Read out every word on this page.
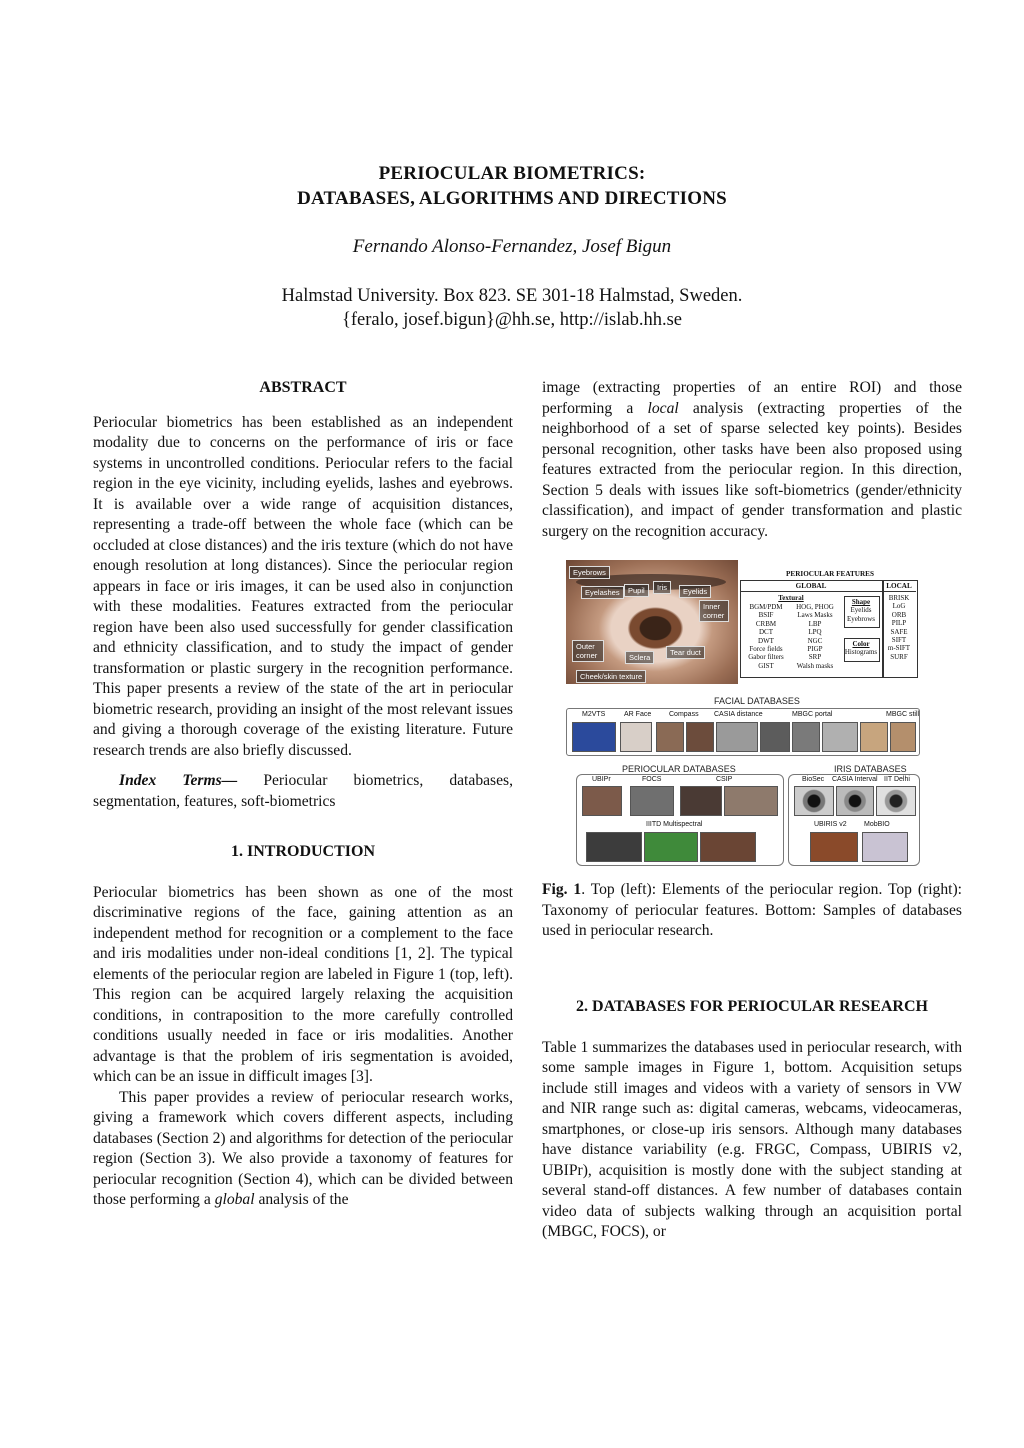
PERIOCULAR BIOMETRICS:
DATABASES, ALGORITHMS AND DIRECTIONS
Fernando Alonso-Fernandez, Josef Bigun
Halmstad University. Box 823. SE 301-18 Halmstad, Sweden.
{feralo, josef.bigun}@hh.se, http://islab.hh.se

ABSTRACT

Periocular biometrics has been established as an independent modality due to concerns on the performance of iris or face systems in uncontrolled conditions. Periocular refers to the facial region in the eye vicinity, including eyelids, lashes and eyebrows. It is available over a wide range of acquisition distances, representing a trade-off between the whole face (which can be occluded at close distances) and the iris texture (which do not have enough resolution at long distances). Since the periocular region appears in face or iris images, it can be used also in conjunction with these modalities. Features extracted from the periocular region have been also used successfully for gender classification and ethnicity classification, and to study the impact of gender transformation or plastic surgery in the recognition performance. This paper presents a review of the state of the art in periocular biometric research, providing an insight of the most relevant issues and giving a thorough coverage of the existing literature. Future research trends are also briefly discussed.

Index Terms— Periocular biometrics, databases, segmentation, features, soft-biometrics

1. INTRODUCTION

Periocular biometrics has been shown as one of the most discriminative regions of the face, gaining attention as an independent method for recognition or a complement to the face and iris modalities under non-ideal conditions [1, 2]. The typical elements of the periocular region are labeled in Figure 1 (top, left). This region can be acquired largely relaxing the acquisition conditions, in contraposition to the more carefully controlled conditions usually needed in face or iris modalities. Another advantage is that the problem of iris segmentation is avoided, which can be an issue in difficult images [3].

This paper provides a review of periocular research works, giving a framework which covers different aspects, including databases (Section 2) and algorithms for detection of the periocular region (Section 3). We also provide a taxonomy of features for periocular recognition (Section 4), which can be divided between those performing a global analysis of the

image (extracting properties of an entire ROI) and those performing a local analysis (extracting properties of the neighborhood of a set of sparse selected key points). Besides personal recognition, other tasks have been also proposed using features extracted from the periocular region. In this direction, Section 5 deals with issues like soft-biometrics (gender/ethnicity classification), and impact of gender transformation and plastic surgery on the recognition accuracy.

Eyebrows
Eyelashes	Pupil	Iris	Eyelids
Inner corner
Outer corner	Sclera
Tear duct
Cheek/skin texture
PERIOCULAR FEATURES
GLOBAL	LOCAL
Textural
BGM/PDM
BSIF
CRBM
DCT
DWT
Force fields
Gabor filters
GIST
HOG, PHOG
Laws Masks
LBP
LPQ
NGC
PIGP
SRP
Walsh masks
Shape
Eyelids
Eyebrows
Color
Histograms
BRISK
LoG
ORB
PILP
SAFE
SIFT
m-SIFT
SURF
FACIAL DATABASES
M2VTS	AR Face	Compass CASIA distance	MBGC portal	MBGC still
PERIOCULAR DATABASES
UBIPr	FOCS	CSIP
IIITD Multispectral
IRIS DATABASES
BioSec CASIA Interval IIT Delhi
UBIRIS v2 MobBIO
Fig. 1. Top (left): Elements of the periocular region. Top (right): Taxonomy of periocular features. Bottom: Samples of databases used in periocular research.

2. DATABASES FOR PERIOCULAR RESEARCH

Table 1 summarizes the databases used in periocular research, with some sample images in Figure 1, bottom. Acquisition setups include still images and videos with a variety of sensors in VW and NIR range such as: digital cameras, webcams, videocameras, smartphones, or close-up iris sensors. Although many databases have distance variability (e.g. FRGC, Compass, UBIRIS v2, UBIPr), acquisition is mostly done with the subject standing at several stand-off distances. A few number of databases contain video data of subjects walking through an acquisition portal (MBGC, FOCS), or
